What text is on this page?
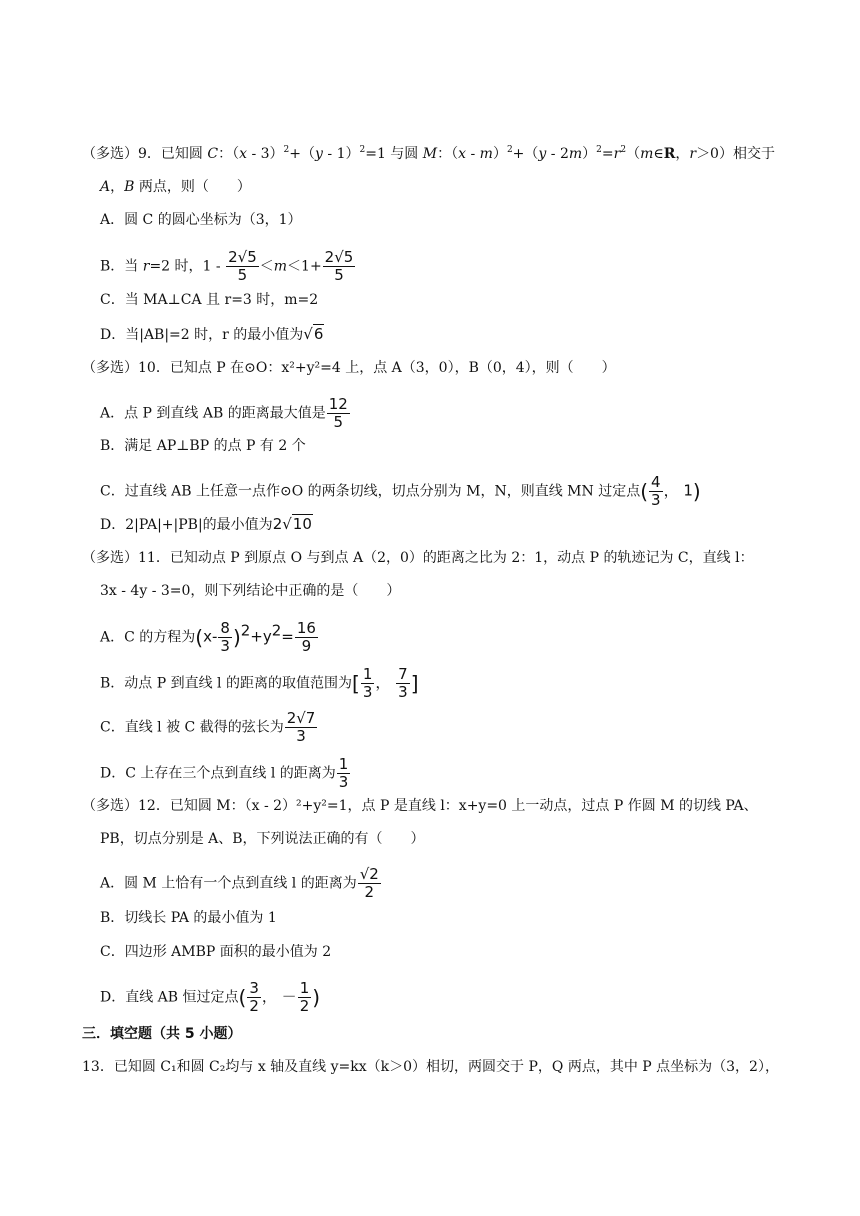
（多选）9．已知圆 C：（x - 3）$^2$+（y - 1）$^2$=1 与圆 M：$(x - m)^2+(y - 2m)^2=r^2(m\in R$，r＞0）相交于
A，B 两点，则（　　）
A．圆 C 的圆心坐标为（3，1）
B．当 r=2 时，$1 - \frac{2√5}{5} <m<1+ \frac{2√5}{5}$
C．当 MA⊥CA 且 r=3 时，m=2
D．当|AB|=2 时，r 的最小值为√6
（多选）10．已知点 P 在⊙O：x²+y²=4 上，点 A（3，0），B（0，4），则（　　）
A．点 P 到直线 AB 的距离最大值是 $\frac{12}{5}$
B．满足 AP⊥BP 的点 P 有 2 个
C．过直线 AB 上任意一点作⊙O 的两条切线，切点分别为 M，N，则直线 MN 过定点( $\frac{4}{3}$ ， 1)
D．2|PA|+|PB|的最小值为2√10
（多选）11．已知动点 P 到原点 O 与到点 A（2，0）的距离之比为 2：1，动点 P 的轨迹记为 C，直线 l：
3x - 4y - 3=0，则下列结论中正确的是（　　）
A．C 的方程为$(x- \frac{8}{3} )^2+y^2= \frac{16}{9}$
B．动点 P 到直线 l 的距离的取值范围为[ $\frac{1}{3}$ ， $\frac{7}{3}$ ]
C．直线 l 被 C 截得的弦长为 $\frac{2√7}{3}$
D．C 上存在三个点到直线 l 的距离为 $\frac{1}{3}$
（多选）12．已知圆 M：（x - 2）²+y²=1，点 P 是直线 l：x+y=0 上一动点，过点 P 作圆 M 的切线 PA、
PB，切点分别是 A、B，下列说法正确的有（　　）
A．圆 M 上恰有一个点到直线 l 的距离为 $\frac{√2}{2}$
B．切线长 PA 的最小值为 1
C．四边形 AMBP 面积的最小值为 2
D．直线 AB 恒过定点( $\frac{3}{2}$ ， － $\frac{1}{2}$ )
三．填空题（共 5 小题）
13．已知圆 C₁和圆 C₂均与 x 轴及直线 y=kx（k＞0）相切，两圆交于 P，Q 两点，其中 P 点坐标为（3，2），
